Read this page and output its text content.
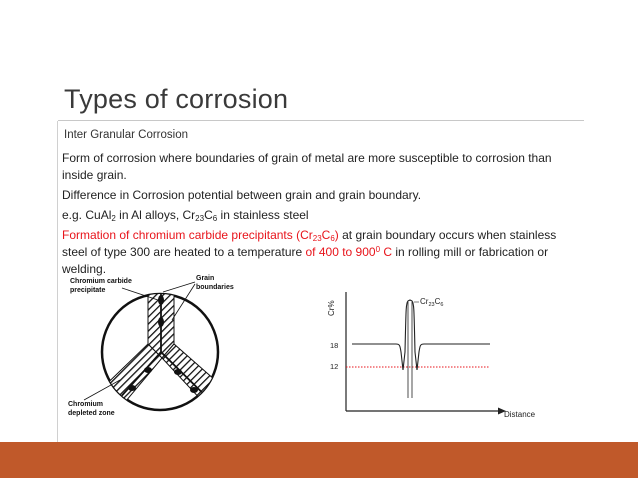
Types of corrosion
Inter Granular Corrosion

Form of corrosion where boundaries of grain of metal are more susceptible to corrosion than inside grain.

Difference in Corrosion potential between grain and grain boundary.

e.g. CuAl$_2$ in Al alloys, $Cr_{23}C_6$ in stainless steel

Formation of chromium carbide precipitants $(Cr_{23}C_6)$ at grain boundary occurs when stainless steel of type 300 are heated to a temperature of 400 to $900^0$ C in rolling mill or fabrication or welding.

Chromium carbide
precipitate
Grain
boundaries
Chromium
depleted zone
Cr%
Distance
18
12
$Cr_{23}C_6$
